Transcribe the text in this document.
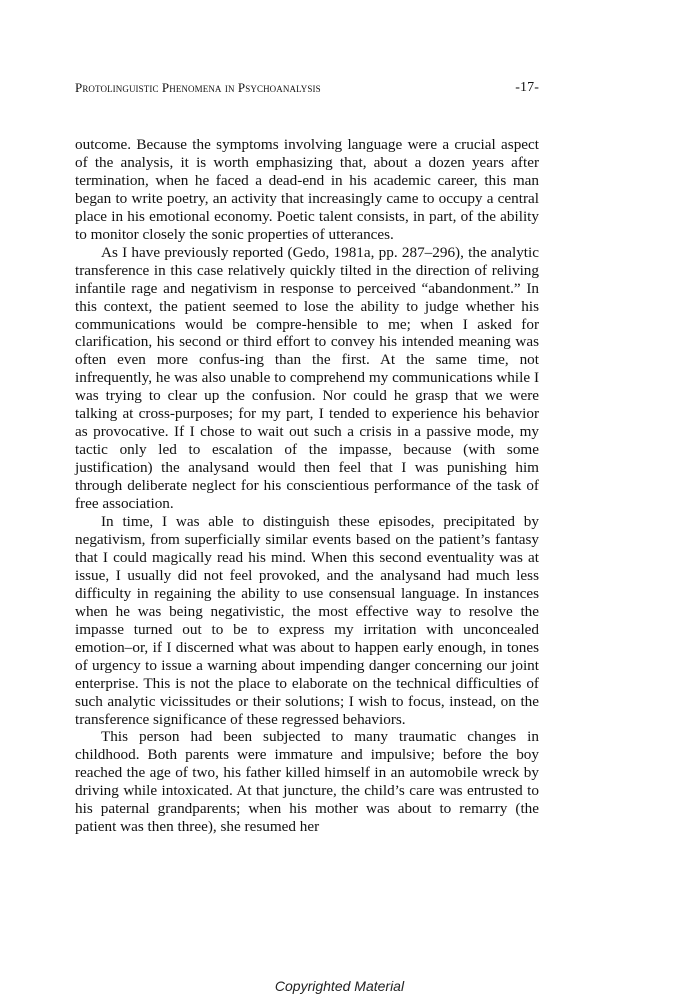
Protolinguistic Phenomena in Psychoanalysis	-17-

outcome. Because the symptoms involving language were a crucial aspect of the analysis, it is worth emphasizing that, about a dozen years after termination, when he faced a dead-end in his academic career, this man began to write poetry, an activity that increasingly came to occupy a central place in his emotional economy. Poetic talent consists, in part, of the ability to monitor closely the sonic properties of utterances.

As I have previously reported (Gedo, 1981a, pp. 287–296), the analytic transference in this case relatively quickly tilted in the direction of reliving infantile rage and negativism in response to perceived “abandonment.” In this context, the patient seemed to lose the ability to judge whether his communications would be compre-hensible to me; when I asked for clarification, his second or third effort to convey his intended meaning was often even more confus-ing than the first. At the same time, not infrequently, he was also unable to comprehend my communications while I was trying to clear up the confusion. Nor could he grasp that we were talking at cross-purposes; for my part, I tended to experience his behavior as provocative. If I chose to wait out such a crisis in a passive mode, my tactic only led to escalation of the impasse, because (with some justification) the analysand would then feel that I was punishing him through deliberate neglect for his conscientious performance of the task of free association.

In time, I was able to distinguish these episodes, precipitated by negativism, from superficially similar events based on the patient’s fantasy that I could magically read his mind. When this second eventuality was at issue, I usually did not feel provoked, and the analysand had much less difficulty in regaining the ability to use consensual language. In instances when he was being negativistic, the most effective way to resolve the impasse turned out to be to express my irritation with unconcealed emotion–or, if I discerned what was about to happen early enough, in tones of urgency to issue a warning about impending danger concerning our joint enterprise. This is not the place to elaborate on the technical difficulties of such analytic vicissitudes or their solutions; I wish to focus, instead, on the transference significance of these regressed behaviors.

This person had been subjected to many traumatic changes in childhood. Both parents were immature and impulsive; before the boy reached the age of two, his father killed himself in an automobile wreck by driving while intoxicated. At that juncture, the child’s care was entrusted to his paternal grandparents; when his mother was about to remarry (the patient was then three), she resumed her

Copyrighted Material
